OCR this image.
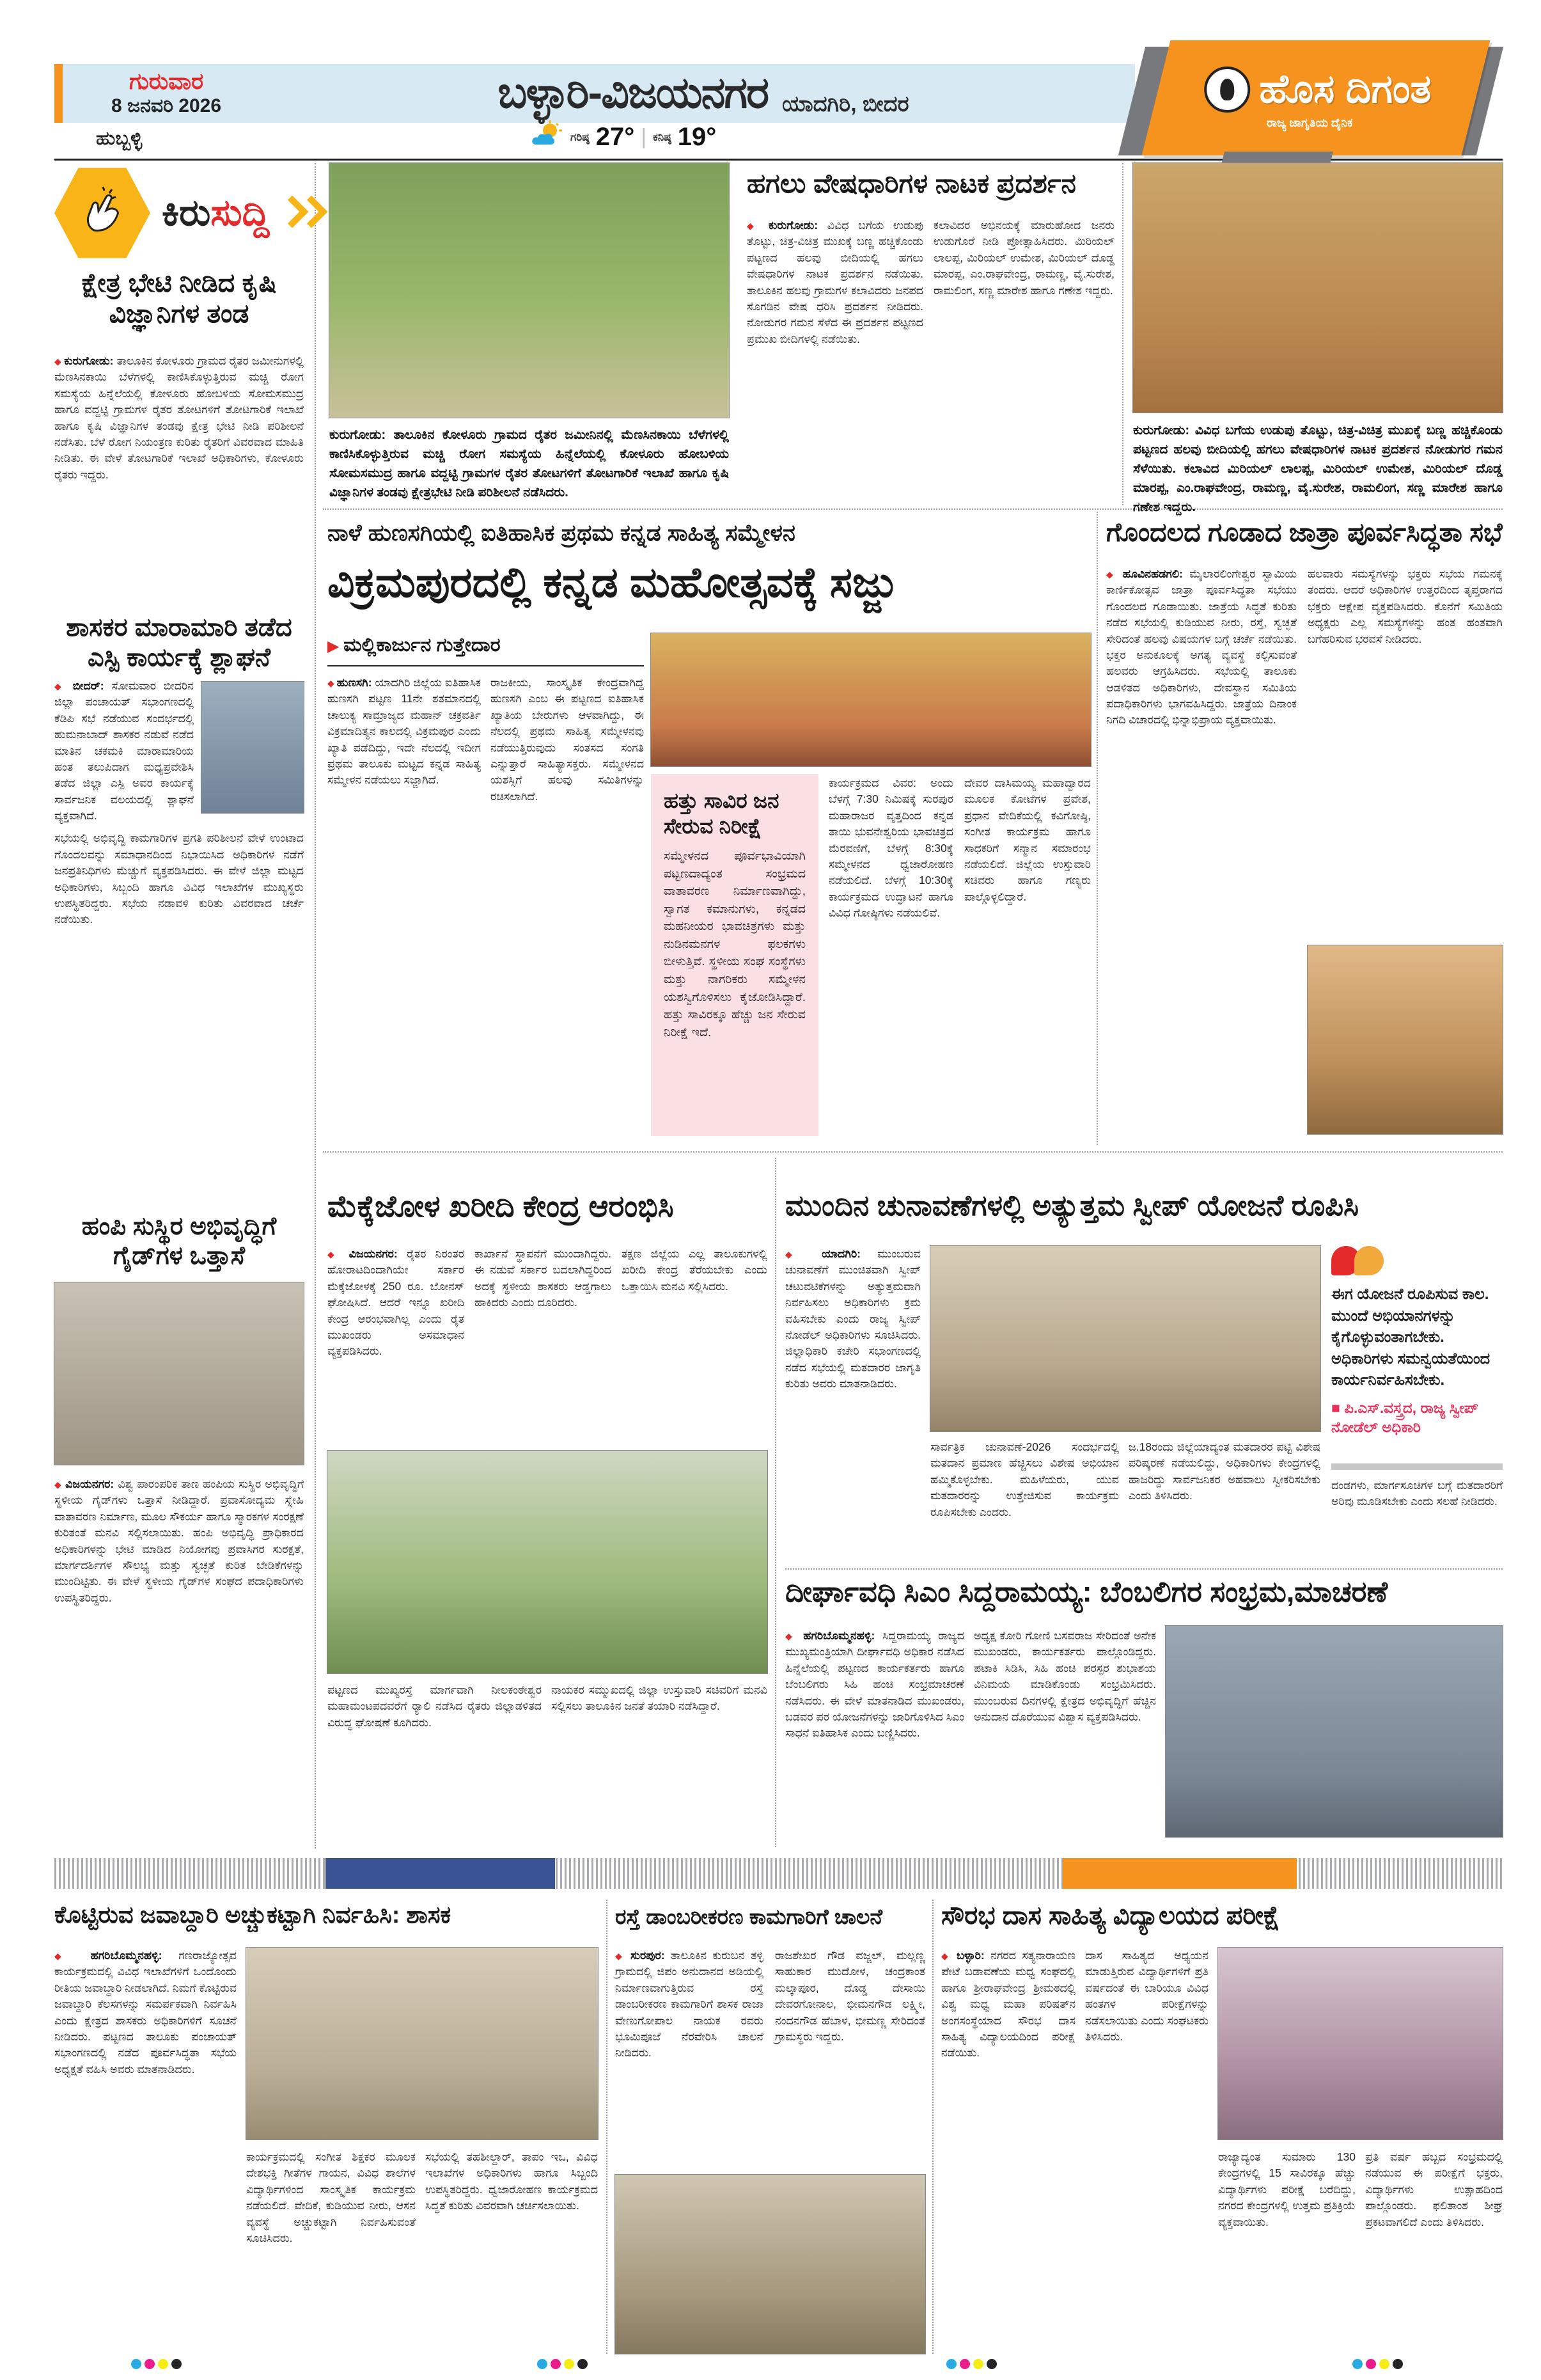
ಗುರುವಾರ
8 ಜನವರಿ 2026	ಬಳ್ಳಾರಿ-ವಿಜಯನಗರ ಯಾದಗಿರಿ, ಬೀದರ
ಹುಬ್ಬಳ್ಳಿ	ಗರಿಷ್ಠ 27° | ಕನಿಷ್ಠ 19°
ಹೊಸ ದಿಗಂತ
ರಾಜ್ಯ ಜಾಗೃತಿಯ ದೈನಿಕ
ಕಿರುಸುದ್ದಿ
ಕ್ಷೇತ್ರ ಭೇಟಿ ನೀಡಿದ ಕೃಷಿ ವಿಜ್ಞಾನಿಗಳ ತಂಡ
◆ ಕುರುಗೋಡು: ತಾಲೂಕಿನ ಕೋಳೂರು ಗ್ರಾಮದ ರೈತರ ಜಮೀನುಗಳಲ್ಲಿ ಮೆಣಸಿನಕಾಯಿ ಬೆಳೆಗಳಲ್ಲಿ ಕಾಣಿಸಿಕೊಳ್ಳುತ್ತಿರುವ ಮಚ್ಚಿ ರೋಗ ಸಮಸ್ಯೆಯ ಹಿನ್ನೆಲೆಯಲ್ಲಿ ಕೋಳೂರು ಹೋಬಳಿಯ ಸೋಮಸಮುದ್ರ ಹಾಗೂ ವದ್ದಟ್ಟಿ ಗ್ರಾಮಗಳ ರೈತರ ತೋಟಗಳಿಗೆ ತೋಟಗಾರಿಕೆ ಇಲಾಖೆ ಹಾಗೂ ಕೃಷಿ ವಿಜ್ಞಾನಿಗಳ ತಂಡವು ಕ್ಷೇತ್ರ ಭೇಟಿ ನೀಡಿ ಪರಿಶೀಲನೆ ನಡೆಸಿತು. ಬೆಳೆ ರೋಗ ನಿಯಂತ್ರಣ ಕುರಿತು ರೈತರಿಗೆ ವಿವರವಾದ ಮಾಹಿತಿ ನೀಡಿತು. ಈ ವೇಳೆ ತೋಟಗಾರಿಕೆ ಇಲಾಖೆ ಅಧಿಕಾರಿಗಳು, ಕೋಳೂರು ರೈತರು ಇದ್ದರು.
ಶಾಸಕರ ಮಾರಾಮಾರಿ ತಡೆದ ಎಸ್ಪಿ ಕಾರ್ಯಕ್ಕೆ ಶ್ಲಾಘನೆ
◆ ಬೀದರ್: ಸೋಮವಾರ ಬೀದರಿನ ಜಿಲ್ಲಾ ಪಂಚಾಯತ್ ಸಭಾಂಗಣದಲ್ಲಿ ಕೆಡಿಪಿ ಸಭೆ ನಡೆಯುವ ಸಂದರ್ಭದಲ್ಲಿ ಹುಮನಾಬಾದ್ ಶಾಸಕರ ನಡುವೆ ನಡೆದ ಮಾತಿನ ಚಕಮಕಿ ಮಾರಾಮಾರಿಯ ಹಂತ ತಲುಪಿದಾಗ ಮಧ್ಯಪ್ರವೇಶಿಸಿ ತಡೆದ ಜಿಲ್ಲಾ ಎಸ್ಪಿ ಅವರ ಕಾರ್ಯಕ್ಕೆ ಸಾರ್ವಜನಿಕ ವಲಯದಲ್ಲಿ ಶ್ಲಾಘನೆ ವ್ಯಕ್ತವಾಗಿದೆ.
ಸಭೆಯಲ್ಲಿ ಅಭಿವೃದ್ಧಿ ಕಾಮಗಾರಿಗಳ ಪ್ರಗತಿ ಪರಿಶೀಲನೆ ವೇಳೆ ಉಂಟಾದ ಗೊಂದಲವನ್ನು ಸಮಾಧಾನದಿಂದ ನಿಭಾಯಿಸಿದ ಅಧಿಕಾರಿಗಳ ನಡೆಗೆ ಜನಪ್ರತಿನಿಧಿಗಳು ಮೆಚ್ಚುಗೆ ವ್ಯಕ್ತಪಡಿಸಿದರು. ಈ ವೇಳೆ ಜಿಲ್ಲಾ ಮಟ್ಟದ ಅಧಿಕಾರಿಗಳು, ಸಿಬ್ಬಂದಿ ಹಾಗೂ ವಿವಿಧ ಇಲಾಖೆಗಳ ಮುಖ್ಯಸ್ಥರು ಉಪಸ್ಥಿತರಿದ್ದರು. ಸಭೆಯ ನಡಾವಳಿ ಕುರಿತು ವಿವರವಾದ ಚರ್ಚೆ ನಡೆಯಿತು.
ಹಂಪಿ ಸುಸ್ಥಿರ ಅಭಿವೃದ್ಧಿಗೆ ಗೈಡ್‌ಗಳ ಒತ್ತಾಸೆ
◆ ವಿಜಯನಗರ: ವಿಶ್ವ ಪಾರಂಪರಿಕ ತಾಣ ಹಂಪಿಯ ಸುಸ್ಥಿರ ಅಭಿವೃದ್ಧಿಗೆ ಸ್ಥಳೀಯ ಗೈಡ್‌ಗಳು ಒತ್ತಾಸೆ ನೀಡಿದ್ದಾರೆ. ಪ್ರವಾಸೋದ್ಯಮ ಸ್ನೇಹಿ ವಾತಾವರಣ ನಿರ್ಮಾಣ, ಮೂಲ ಸೌಕರ್ಯ ಹಾಗೂ ಸ್ಮಾರಕಗಳ ಸಂರಕ್ಷಣೆ ಕುರಿತಂತೆ ಮನವಿ ಸಲ್ಲಿಸಲಾಯಿತು. ಹಂಪಿ ಅಭಿವೃದ್ಧಿ ಪ್ರಾಧಿಕಾರದ ಅಧಿಕಾರಿಗಳನ್ನು ಭೇಟಿ ಮಾಡಿದ ನಿಯೋಗವು ಪ್ರವಾಸಿಗರ ಸುರಕ್ಷತೆ, ಮಾರ್ಗದರ್ಶಿಗಳ ಸೌಲಭ್ಯ ಮತ್ತು ಸ್ವಚ್ಛತೆ ಕುರಿತ ಬೇಡಿಕೆಗಳನ್ನು ಮುಂದಿಟ್ಟಿತು. ಈ ವೇಳೆ ಸ್ಥಳೀಯ ಗೈಡ್‌ಗಳ ಸಂಘದ ಪದಾಧಿಕಾರಿಗಳು ಉಪಸ್ಥಿತರಿದ್ದರು.
ಕುರುಗೋಡು: ತಾಲೂಕಿನ ಕೋಳೂರು ಗ್ರಾಮದ ರೈತರ ಜಮೀನಿನಲ್ಲಿ ಮೆಣಸಿನಕಾಯಿ ಬೆಳೆಗಳಲ್ಲಿ ಕಾಣಿಸಿಕೊಳ್ಳುತ್ತಿರುವ ಮಚ್ಚಿ ರೋಗ ಸಮಸ್ಯೆಯ ಹಿನ್ನೆಲೆಯಲ್ಲಿ ಕೋಳೂರು ಹೋಬಳಿಯ ಸೋಮಸಮುದ್ರ ಹಾಗೂ ವದ್ದಟ್ಟಿ ಗ್ರಾಮಗಳ ರೈತರ ತೋಟಗಳಿಗೆ ತೋಟಗಾರಿಕೆ ಇಲಾಖೆ ಹಾಗೂ ಕೃಷಿ ವಿಜ್ಞಾನಿಗಳ ತಂಡವು ಕ್ಷೇತ್ರಭೇಟಿ ನೀಡಿ ಪರಿಶೀಲನೆ ನಡೆಸಿದರು.
ಹಗಲು ವೇಷಧಾರಿಗಳ ನಾಟಕ ಪ್ರದರ್ಶನ
◆ ಕುರುಗೋಡು: ವಿವಿಧ ಬಗೆಯ ಉಡುಪು ತೊಟ್ಟು, ಚಿತ್ರ-ವಿಚಿತ್ರ ಮುಖಕ್ಕೆ ಬಣ್ಣ ಹಚ್ಚಿಕೊಂಡು ಪಟ್ಟಣದ ಹಲವು ಬೀದಿಯಲ್ಲಿ ಹಗಲು ವೇಷಧಾರಿಗಳ ನಾಟಕ ಪ್ರದರ್ಶನ ನಡೆಯಿತು. ತಾಲೂಕಿನ ಹಲವು ಗ್ರಾಮಗಳ ಕಲಾವಿದರು ಜನಪದ ಸೊಗಡಿನ ವೇಷ ಧರಿಸಿ ಪ್ರದರ್ಶನ ನೀಡಿದರು. ನೋಡುಗರ ಗಮನ ಸೆಳೆದ ಈ ಪ್ರದರ್ಶನ ಪಟ್ಟಣದ ಪ್ರಮುಖ ಬೀದಿಗಳಲ್ಲಿ ನಡೆಯಿತು.
ಕಲಾವಿದರ ಅಭಿನಯಕ್ಕೆ ಮಾರುಹೋದ ಜನರು ಉಡುಗೊರೆ ನೀಡಿ ಪ್ರೋತ್ಸಾಹಿಸಿದರು. ಮಿರಿಯಲ್ ಲಾಲಪ್ಪ, ಮಿರಿಯಲ್ ಉಮೇಶ, ಮಿರಿಯಲ್ ದೊಡ್ಡ ಮಾರಪ್ಪ, ಎಂ.ರಾಘವೇಂದ್ರ, ರಾಮಣ್ಣ, ವೈ.ಸುರೇಶ, ರಾಮಲಿಂಗ, ಸಣ್ಣ ಮಾರೇಶ ಹಾಗೂ ಗಣೇಶ ಇದ್ದರು.
ಕುರುಗೋಡು: ವಿವಿಧ ಬಗೆಯ ಉಡುಪು ತೊಟ್ಟು, ಚಿತ್ರ-ವಿಚಿತ್ರ ಮುಖಕ್ಕೆ ಬಣ್ಣ ಹಚ್ಚಿಕೊಂಡು ಪಟ್ಟಣದ ಹಲವು ಬೀದಿಯಲ್ಲಿ ಹಗಲು ವೇಷಧಾರಿಗಳ ನಾಟಕ ಪ್ರದರ್ಶನ ನೋಡುಗರ ಗಮನ ಸೆಳೆಯಿತು. ಕಲಾವಿದ ಮಿರಿಯಲ್ ಲಾಲಪ್ಪ, ಮಿರಿಯಲ್ ಉಮೇಶ, ಮಿರಿಯಲ್ ದೊಡ್ಡ ಮಾರಪ್ಪ, ಎಂ.ರಾಘವೇಂದ್ರ, ರಾಮಣ್ಣ, ವೈ.ಸುರೇಶ, ರಾಮಲಿಂಗ, ಸಣ್ಣ ಮಾರೇಶ ಹಾಗೂ ಗಣೇಶ ಇದ್ದರು.
ನಾಳೆ ಹುಣಸಗಿಯಲ್ಲಿ ಐತಿಹಾಸಿಕ ಪ್ರಥಮ ಕನ್ನಡ ಸಾಹಿತ್ಯ ಸಮ್ಮೇಳನ
ವಿಕ್ರಮಪುರದಲ್ಲಿ ಕನ್ನಡ ಮಹೋತ್ಸವಕ್ಕೆ ಸಜ್ಜು
▶ ಮಲ್ಲಿಕಾರ್ಜುನ ಗುತ್ತೇದಾರ
◆ ಹುಣಸಗಿ: ಯಾದಗಿರಿ ಜಿಲ್ಲೆಯ ಐತಿಹಾಸಿಕ ಹುಣಸಗಿ ಪಟ್ಟಣ 11ನೇ ಶತಮಾನದಲ್ಲಿ ಚಾಲುಕ್ಯ ಸಾಮ್ರಾಜ್ಯದ ಮಹಾನ್ ಚಕ್ರವರ್ತಿ ವಿಕ್ರಮಾದಿತ್ಯನ ಕಾಲದಲ್ಲಿ ವಿಕ್ರಮಪುರ ಎಂದು ಖ್ಯಾತಿ ಪಡೆದಿದ್ದು, ಇದೇ ನೆಲದಲ್ಲಿ ಇದೀಗ ಪ್ರಥಮ ತಾಲೂಕು ಮಟ್ಟದ ಕನ್ನಡ ಸಾಹಿತ್ಯ ಸಮ್ಮೇಳನ ನಡೆಯಲು ಸಜ್ಜಾಗಿದೆ.
ರಾಜಕೀಯ, ಸಾಂಸ್ಕೃತಿಕ ಕೇಂದ್ರವಾಗಿದ್ದ ಹುಣಸಗಿ ಎಂಬ ಈ ಪಟ್ಟಣದ ಐತಿಹಾಸಿಕ ಖ್ಯಾತಿಯ ಬೇರುಗಳು ಆಳವಾಗಿದ್ದು, ಈ ನೆಲದಲ್ಲಿ ಪ್ರಥಮ ಸಾಹಿತ್ಯ ಸಮ್ಮೇಳನವು ನಡೆಯುತ್ತಿರುವುದು ಸಂತಸದ ಸಂಗತಿ ಎನ್ನುತ್ತಾರೆ ಸಾಹಿತ್ಯಾಸಕ್ತರು. ಸಮ್ಮೇಳನದ ಯಶಸ್ಸಿಗೆ ಹಲವು ಸಮಿತಿಗಳನ್ನು ರಚಿಸಲಾಗಿದೆ.	ಹತ್ತು ಸಾವಿರ ಜನ ಸೇರುವ ನಿರೀಕ್ಷೆ
ಸಮ್ಮೇಳನದ ಪೂರ್ವಭಾವಿಯಾಗಿ ಪಟ್ಟಣದಾದ್ಯಂತ ಸಂಭ್ರಮದ ವಾತಾವರಣ ನಿರ್ಮಾಣವಾಗಿದ್ದು, ಸ್ವಾಗತ ಕಮಾನುಗಳು, ಕನ್ನಡದ ಮಹನೀಯರ ಭಾವಚಿತ್ರಗಳು ಮತ್ತು ನುಡಿನಮನಗಳ ಫಲಕಗಳು ಬೀಳುತ್ತಿವೆ. ಸ್ಥಳೀಯ ಸಂಘ ಸಂಸ್ಥೆಗಳು ಮತ್ತು ನಾಗರಿಕರು ಸಮ್ಮೇಳನ ಯಶಸ್ವಿಗೊಳಿಸಲು ಕೈಜೋಡಿಸಿದ್ದಾರೆ. ಹತ್ತು ಸಾವಿರಕ್ಕೂ ಹೆಚ್ಚು ಜನ ಸೇರುವ ನಿರೀಕ್ಷೆ ಇದೆ.
ಕಾರ್ಯಕ್ರಮದ ವಿವರ: ಅಂದು ಬೆಳಗ್ಗೆ 7:30 ನಿಮಿಷಕ್ಕೆ ಸುರಪುರ ಮಹಾರಾಜರ ವೃತ್ತದಿಂದ ಕನ್ನಡ ತಾಯಿ ಭುವನೇಶ್ವರಿಯ ಭಾವಚಿತ್ರದ ಮೆರವಣಿಗೆ, ಬೆಳಗ್ಗೆ 8:30ಕ್ಕೆ ಸಮ್ಮೇಳನದ ಧ್ವಜಾರೋಹಣ ನಡೆಯಲಿದೆ. ಬೆಳಗ್ಗೆ 10:30ಕ್ಕೆ ಕಾರ್ಯಕ್ರಮದ ಉದ್ಘಾಟನೆ ಹಾಗೂ ವಿವಿಧ ಗೋಷ್ಠಿಗಳು ನಡೆಯಲಿವೆ.
ದೇವರ ದಾಸಿಮಯ್ಯ ಮಹಾದ್ವಾರದ ಮೂಲಕ ಕೋಟೆಗಳ ಪ್ರವೇಶ, ಪ್ರಧಾನ ವೇದಿಕೆಯಲ್ಲಿ ಕವಿಗೋಷ್ಠಿ, ಸಂಗೀತ ಕಾರ್ಯಕ್ರಮ ಹಾಗೂ ಸಾಧಕರಿಗೆ ಸನ್ಮಾನ ಸಮಾರಂಭ ನಡೆಯಲಿದೆ. ಜಿಲ್ಲೆಯ ಉಸ್ತುವಾರಿ ಸಚಿವರು ಹಾಗೂ ಗಣ್ಯರು ಪಾಲ್ಗೊಳ್ಳಲಿದ್ದಾರೆ.
ಗೊಂದಲದ ಗೂಡಾದ ಜಾತ್ರಾ ಪೂರ್ವಸಿದ್ಧತಾ ಸಭೆ
◆ ಹೂವಿನಹಡಗಲಿ: ಮೈಲಾರಲಿಂಗೇಶ್ವರ ಸ್ವಾಮಿಯ ಕಾರ್ಣಿಕೋತ್ಸವ ಜಾತ್ರಾ ಪೂರ್ವಸಿದ್ಧತಾ ಸಭೆಯು ಗೊಂದಲದ ಗೂಡಾಯಿತು. ಜಾತ್ರೆಯ ಸಿದ್ಧತೆ ಕುರಿತು ನಡೆದ ಸಭೆಯಲ್ಲಿ ಕುಡಿಯುವ ನೀರು, ರಸ್ತೆ, ಸ್ವಚ್ಛತೆ ಸೇರಿದಂತೆ ಹಲವು ವಿಷಯಗಳ ಬಗ್ಗೆ ಚರ್ಚೆ ನಡೆಯಿತು. ಭಕ್ತರ ಅನುಕೂಲಕ್ಕೆ ಅಗತ್ಯ ವ್ಯವಸ್ಥೆ ಕಲ್ಪಿಸುವಂತೆ ಹಲವರು ಆಗ್ರಹಿಸಿದರು. ಸಭೆಯಲ್ಲಿ ತಾಲೂಕು ಆಡಳಿತದ ಅಧಿಕಾರಿಗಳು, ದೇವಸ್ಥಾನ ಸಮಿತಿಯ ಪದಾಧಿಕಾರಿಗಳು ಭಾಗವಹಿಸಿದ್ದರು. ಜಾತ್ರೆಯ ದಿನಾಂಕ ನಿಗದಿ ವಿಚಾರದಲ್ಲಿ ಭಿನ್ನಾಭಿಪ್ರಾಯ ವ್ಯಕ್ತವಾಯಿತು.
ಹಲವಾರು ಸಮಸ್ಯೆಗಳನ್ನು ಭಕ್ತರು ಸಭೆಯ ಗಮನಕ್ಕೆ ತಂದರು. ಆದರೆ ಅಧಿಕಾರಿಗಳ ಉತ್ತರದಿಂದ ತೃಪ್ತರಾಗದ ಭಕ್ತರು ಆಕ್ಷೇಪ ವ್ಯಕ್ತಪಡಿಸಿದರು. ಕೊನೆಗೆ ಸಮಿತಿಯ ಅಧ್ಯಕ್ಷರು ಎಲ್ಲ ಸಮಸ್ಯೆಗಳನ್ನು ಹಂತ ಹಂತವಾಗಿ ಬಗೆಹರಿಸುವ ಭರವಸೆ ನೀಡಿದರು.
ಮೆಕ್ಕೆಜೋಳ ಖರೀದಿ ಕೇಂದ್ರ ಆರಂಭಿಸಿ
◆ ವಿಜಯನಗರ: ರೈತರ ನಿರಂತರ ಹೋರಾಟದಿಂದಾಗಿಯೇ ಸರ್ಕಾರ ಮೆಕ್ಕೆಜೋಳಕ್ಕೆ 250 ರೂ. ಬೋನಸ್ ಘೋಷಿಸಿದೆ. ಆದರೆ ಇನ್ನೂ ಖರೀದಿ ಕೇಂದ್ರ ಆರಂಭವಾಗಿಲ್ಲ ಎಂದು ರೈತ ಮುಖಂಡರು ಅಸಮಾಧಾನ ವ್ಯಕ್ತಪಡಿಸಿದರು.
ಕಾರ್ಖಾನೆ ಸ್ಥಾಪನೆಗೆ ಮುಂದಾಗಿದ್ದರು. ಈ ನಡುವೆ ಸರ್ಕಾರ ಬದಲಾಗಿದ್ದರಿಂದ ಅದಕ್ಕೆ ಸ್ಥಳೀಯ ಶಾಸಕರು ಆಡ್ಡಗಾಲು ಹಾಕಿದರು ಎಂದು ದೂರಿದರು.
ತಕ್ಷಣ ಜಿಲ್ಲೆಯ ಎಲ್ಲ ತಾಲೂಕುಗಳಲ್ಲಿ ಖರೀದಿ ಕೇಂದ್ರ ತೆರೆಯಬೇಕು ಎಂದು ಒತ್ತಾಯಿಸಿ ಮನವಿ ಸಲ್ಲಿಸಿದರು.
ಪಟ್ಟಣದ ಮುಖ್ಯರಸ್ತೆ ಮಾರ್ಗವಾಗಿ ನೀಲಕಂಠೇಶ್ವರ ಮಹಾಮಂಟಪದವರೆಗೆ ರ‍್ಯಾಲಿ ನಡೆಸಿದ ರೈತರು ಜಿಲ್ಲಾಡಳಿತದ ವಿರುದ್ಧ ಘೋಷಣೆ ಕೂಗಿದರು.
ನಾಯಕರ ಸಮ್ಮುಖದಲ್ಲಿ ಜಿಲ್ಲಾ ಉಸ್ತುವಾರಿ ಸಚಿವರಿಗೆ ಮನವಿ ಸಲ್ಲಿಸಲು ತಾಲೂಕಿನ ಜನತೆ ತಯಾರಿ ನಡೆಸಿದ್ದಾರೆ.
ಮುಂದಿನ ಚುನಾವಣೆಗಳಲ್ಲಿ ಅತ್ಯುತ್ತಮ ಸ್ವೀಪ್ ಯೋಜನೆ ರೂಪಿಸಿ
◆ ಯಾದಗಿರಿ: ಮುಂಬರುವ ಚುನಾವಣೆಗೆ ಮುಂಚಿತವಾಗಿ ಸ್ವೀಪ್ ಚಟುವಟಿಕೆಗಳನ್ನು ಅತ್ಯುತ್ತಮವಾಗಿ ನಿರ್ವಹಿಸಲು ಅಧಿಕಾರಿಗಳು ಕ್ರಮ ವಹಿಸಬೇಕು ಎಂದು ರಾಜ್ಯ ಸ್ವೀಪ್ ನೋಡೆಲ್ ಅಧಿಕಾರಿಗಳು ಸೂಚಿಸಿದರು. ಜಿಲ್ಲಾಧಿಕಾರಿ ಕಚೇರಿ ಸಭಾಂಗಣದಲ್ಲಿ ನಡೆದ ಸಭೆಯಲ್ಲಿ ಮತದಾರರ ಜಾಗೃತಿ ಕುರಿತು ಅವರು ಮಾತನಾಡಿದರು.

ಈಗ ಯೋಜನೆ ರೂಪಿಸುವ ಕಾಲ. ಮುಂದೆ ಅಭಿಯಾನಗಳನ್ನು ಕೈಗೊಳ್ಳುವಂತಾಗಬೇಕು. ಅಧಿಕಾರಿಗಳು ಸಮನ್ವಯತೆಯಿಂದ ಕಾರ್ಯನಿರ್ವಹಿಸಬೇಕು.
■ ಪಿ.ಎಸ್.ವಸ್ತ್ರದ, ರಾಜ್ಯ ಸ್ವೀಪ್ ನೋಡೆಲ್ ಅಧಿಕಾರಿ
ದಂಡಗಳು, ಮಾರ್ಗಸೂಚಿಗಳ ಬಗ್ಗೆ ಮತದಾರರಿಗೆ ಅರಿವು ಮೂಡಿಸಬೇಕು ಎಂದು ಸಲಹೆ ನೀಡಿದರು.
ಸಾರ್ವತ್ರಿಕ ಚುನಾವಣೆ-2026 ಸಂದರ್ಭದಲ್ಲಿ ಮತದಾನ ಪ್ರಮಾಣ ಹೆಚ್ಚಿಸಲು ವಿಶೇಷ ಅಭಿಯಾನ ಹಮ್ಮಿಕೊಳ್ಳಬೇಕು. ಮಹಿಳೆಯರು, ಯುವ ಮತದಾರರನ್ನು ಉತ್ತೇಜಿಸುವ ಕಾರ್ಯಕ್ರಮ ರೂಪಿಸಬೇಕು ಎಂದರು.
ಜ.18ರಂದು ಜಿಲ್ಲೆಯಾದ್ಯಂತ ಮತದಾರರ ಪಟ್ಟಿ ವಿಶೇಷ ಪರಿಷ್ಕರಣೆ ನಡೆಯಲಿದ್ದು, ಅಧಿಕಾರಿಗಳು ಕೇಂದ್ರಗಳಲ್ಲಿ ಹಾಜರಿದ್ದು ಸಾರ್ವಜನಿಕರ ಅಹವಾಲು ಸ್ವೀಕರಿಸಬೇಕು ಎಂದು ತಿಳಿಸಿದರು.
ದೀರ್ಘಾವಧಿ ಸಿಎಂ ಸಿದ್ದರಾಮಯ್ಯ: ಬೆಂಬಲಿಗರ ಸಂಭ್ರಮ,ಮಾಚರಣೆ
◆ ಹಗರಿಬೊಮ್ಮನಹಳ್ಳಿ: ಸಿದ್ದರಾಮಯ್ಯ ರಾಜ್ಯದ ಮುಖ್ಯಮಂತ್ರಿಯಾಗಿ ದೀರ್ಘಾವಧಿ ಅಧಿಕಾರ ನಡೆಸಿದ ಹಿನ್ನೆಲೆಯಲ್ಲಿ ಪಟ್ಟಣದ ಕಾರ್ಯಕರ್ತರು ಹಾಗೂ ಬೆಂಬಲಿಗರು ಸಿಹಿ ಹಂಚಿ ಸಂಭ್ರಮಾಚರಣೆ ನಡೆಸಿದರು. ಈ ವೇಳೆ ಮಾತನಾಡಿದ ಮುಖಂಡರು, ಬಡವರ ಪರ ಯೋಜನೆಗಳನ್ನು ಜಾರಿಗೊಳಿಸಿದ ಸಿಎಂ ಸಾಧನೆ ಐತಿಹಾಸಿಕ ಎಂದು ಬಣ್ಣಿಸಿದರು.
ಅಧ್ಯಕ್ಷ ಕೋರಿ ಗೋಣಿ ಬಸವರಾಜ ಸೇರಿದಂತೆ ಅನೇಕ ಮುಖಂಡರು, ಕಾರ್ಯಕರ್ತರು ಪಾಲ್ಗೊಂಡಿದ್ದರು. ಪಟಾಕಿ ಸಿಡಿಸಿ, ಸಿಹಿ ಹಂಚಿ ಪರಸ್ಪರ ಶುಭಾಶಯ ವಿನಿಮಯ ಮಾಡಿಕೊಂಡು ಸಂಭ್ರಮಿಸಿದರು. ಮುಂಬರುವ ದಿನಗಳಲ್ಲಿ ಕ್ಷೇತ್ರದ ಅಭಿವೃದ್ಧಿಗೆ ಹೆಚ್ಚಿನ ಅನುದಾನ ದೊರೆಯುವ ವಿಶ್ವಾಸ ವ್ಯಕ್ತಪಡಿಸಿದರು.
ಕೊಟ್ಟಿರುವ ಜವಾಬ್ದಾರಿ ಅಚ್ಚುಕಟ್ಟಾಗಿ ನಿರ್ವಹಿಸಿ: ಶಾಸಕ
◆ ಹಗರಿಬೊಮ್ಮನಹಳ್ಳಿ: ಗಣರಾಜ್ಯೋತ್ಸವ ಕಾರ್ಯಕ್ರಮದಲ್ಲಿ ವಿವಿಧ ಇಲಾಖೆಗಳಿಗೆ ಒಂದೊಂದು ರೀತಿಯ ಜವಾಬ್ದಾರಿ ನೀಡಲಾಗಿದೆ. ನಿಮಗೆ ಕೊಟ್ಟಿರುವ ಜವಾಬ್ದಾರಿ ಕೆಲಸಗಳನ್ನು ಸಮರ್ಪಕವಾಗಿ ನಿರ್ವಹಿಸಿ ಎಂದು ಕ್ಷೇತ್ರದ ಶಾಸಕರು ಅಧಿಕಾರಿಗಳಿಗೆ ಸೂಚನೆ ನೀಡಿದರು. ಪಟ್ಟಣದ ತಾಲೂಕು ಪಂಚಾಯತ್ ಸಭಾಂಗಣದಲ್ಲಿ ನಡೆದ ಪೂರ್ವಸಿದ್ಧತಾ ಸಭೆಯ ಅಧ್ಯಕ್ಷತೆ ವಹಿಸಿ ಅವರು ಮಾತನಾಡಿದರು.
ಕಾರ್ಯಕ್ರಮದಲ್ಲಿ ಸಂಗೀತ ಶಿಕ್ಷಕರ ಮೂಲಕ ದೇಶಭಕ್ತಿ ಗೀತೆಗಳ ಗಾಯನ, ವಿವಿಧ ಶಾಲೆಗಳ ವಿದ್ಯಾರ್ಥಿಗಳಿಂದ ಸಾಂಸ್ಕೃತಿಕ ಕಾರ್ಯಕ್ರಮ ನಡೆಯಲಿದೆ. ವೇದಿಕೆ, ಕುಡಿಯುವ ನೀರು, ಆಸನ ವ್ಯವಸ್ಥೆ ಅಚ್ಚುಕಟ್ಟಾಗಿ ನಿರ್ವಹಿಸುವಂತೆ ಸೂಚಿಸಿದರು.
ಸಭೆಯಲ್ಲಿ ತಹಶೀಲ್ದಾರ್, ತಾಪಂ ಇಒ, ವಿವಿಧ ಇಲಾಖೆಗಳ ಅಧಿಕಾರಿಗಳು ಹಾಗೂ ಸಿಬ್ಬಂದಿ ಉಪಸ್ಥಿತರಿದ್ದರು. ಧ್ವಜಾರೋಹಣ ಕಾರ್ಯಕ್ರಮದ ಸಿದ್ಧತೆ ಕುರಿತು ವಿವರವಾಗಿ ಚರ್ಚಿಸಲಾಯಿತು.
ರಸ್ತೆ ಡಾಂಬರೀಕರಣ ಕಾಮಗಾರಿಗೆ ಚಾಲನೆ
◆ ಸುರಪುರ: ತಾಲೂಕಿನ ಕುರುಬನ ತಳ್ಳಿ ಗ್ರಾಮದಲ್ಲಿ ಜಿಪಂ ಅನುದಾನದ ಅಡಿಯಲ್ಲಿ ನಿರ್ಮಾಣವಾಗುತ್ತಿರುವ ರಸ್ತೆ ಡಾಂಬರೀಕರಣ ಕಾಮಗಾರಿಗೆ ಶಾಸಕ ರಾಜಾ ವೇಣುಗೋಪಾಲ ನಾಯಕ ರವರು ಭೂಮಿಪೂಜೆ ನೆರವೇರಿಸಿ ಚಾಲನೆ ನೀಡಿದರು.
ರಾಜಶೇಖರ ಗೌಡ ವಜ್ಜಲ್, ಮಲ್ಲಣ್ಣ ಸಾಹುಕಾರ ಮುದೋಳ, ಚಂದ್ರಕಾಂತ ಮಲ್ಕಾಪೂರ, ದೊಡ್ಡ ದೇಸಾಯಿ ದೇವರಗೋನಾಲ, ಭೀಮನಗೌಡ ಲಕ್ಷ್ಮೀ, ನಂದನಗೌಡ ಹೆಬಾಳ, ಭೀಮಣ್ಣ ಸೇರಿದಂತೆ ಗ್ರಾಮಸ್ಥರು ಇದ್ದರು.
ಸೌರಭ ದಾಸ ಸಾಹಿತ್ಯ ವಿದ್ಯಾಲಯದ ಪರೀಕ್ಷೆ
◆ ಬಳ್ಳಾರಿ: ನಗರದ ಸತ್ಯನಾರಾಯಣ ಪೇಟೆ ಬಡಾವಣೆಯ ಮಧ್ವ ಸಂಘದಲ್ಲಿ ಹಾಗೂ ಶ್ರೀರಾಘವೇಂದ್ರ ಶ್ರೀಮಠದಲ್ಲಿ ವಿಶ್ವ ಮಧ್ವ ಮಹಾ ಪರಿಷತ್‌ನ ಅಂಗಸಂಸ್ಥೆಯಾದ ಸೌರಭ ದಾಸ ಸಾಹಿತ್ಯ ವಿದ್ಯಾಲಯದಿಂದ ಪರೀಕ್ಷೆ ನಡೆಯಿತು.
ದಾಸ ಸಾಹಿತ್ಯದ ಅಧ್ಯಯನ ಮಾಡುತ್ತಿರುವ ವಿದ್ಯಾರ್ಥಿಗಳಿಗೆ ಪ್ರತಿ ವರ್ಷದಂತೆ ಈ ಬಾರಿಯೂ ವಿವಿಧ ಹಂತಗಳ ಪರೀಕ್ಷೆಗಳನ್ನು ನಡೆಸಲಾಯಿತು ಎಂದು ಸಂಘಟಕರು ತಿಳಿಸಿದರು.
ರಾಜ್ಯಾದ್ಯಂತ ಸುಮಾರು 130 ಕೇಂದ್ರಗಳಲ್ಲಿ 15 ಸಾವಿರಕ್ಕೂ ಹೆಚ್ಚು ವಿದ್ಯಾರ್ಥಿಗಳು ಪರೀಕ್ಷೆ ಬರೆದಿದ್ದು, ನಗರದ ಕೇಂದ್ರಗಳಲ್ಲಿ ಉತ್ತಮ ಪ್ರತಿಕ್ರಿಯೆ ವ್ಯಕ್ತವಾಯಿತು.
ಪ್ರತಿ ವರ್ಷ ಹಬ್ಬದ ಸಂಭ್ರಮದಲ್ಲಿ ನಡೆಯುವ ಈ ಪರೀಕ್ಷೆಗೆ ಭಕ್ತರು, ವಿದ್ಯಾರ್ಥಿಗಳು ಉತ್ಸಾಹದಿಂದ ಪಾಲ್ಗೊಂಡರು. ಫಲಿತಾಂಶ ಶೀಘ್ರ ಪ್ರಕಟವಾಗಲಿದೆ ಎಂದು ತಿಳಿಸಿದರು.
